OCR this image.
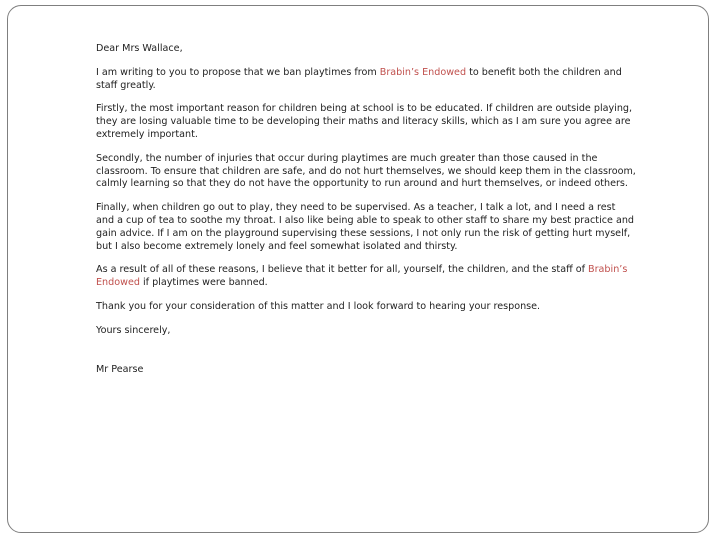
Dear Mrs Wallace,

I am writing to you to propose that we ban playtimes from Brabin’s Endowed to benefit both the children and staff greatly.

Firstly, the most important reason for children being at school is to be educated. If children are outside playing, they are losing valuable time to be developing their maths and literacy skills, which as I am sure you agree are extremely important.

Secondly, the number of injuries that occur during playtimes are much greater than those caused in the classroom. To ensure that children are safe, and do not hurt themselves, we should keep them in the classroom, calmly learning so that they do not have the opportunity to run around and hurt themselves, or indeed others.

Finally, when children go out to play, they need to be supervised. As a teacher, I talk a lot, and I need a rest and a cup of tea to soothe my throat. I also like being able to speak to other staff to share my best practice and gain advice. If I am on the playground supervising these sessions, I not only run the risk of getting hurt myself, but I also become extremely lonely and feel somewhat isolated and thirsty.

As a result of all of these reasons, I believe that it better for all, yourself, the children, and the staff of Brabin’s Endowed if playtimes were banned.

Thank you for your consideration of this matter and I look forward to hearing your response.

Yours sincerely,

Mr Pearse
